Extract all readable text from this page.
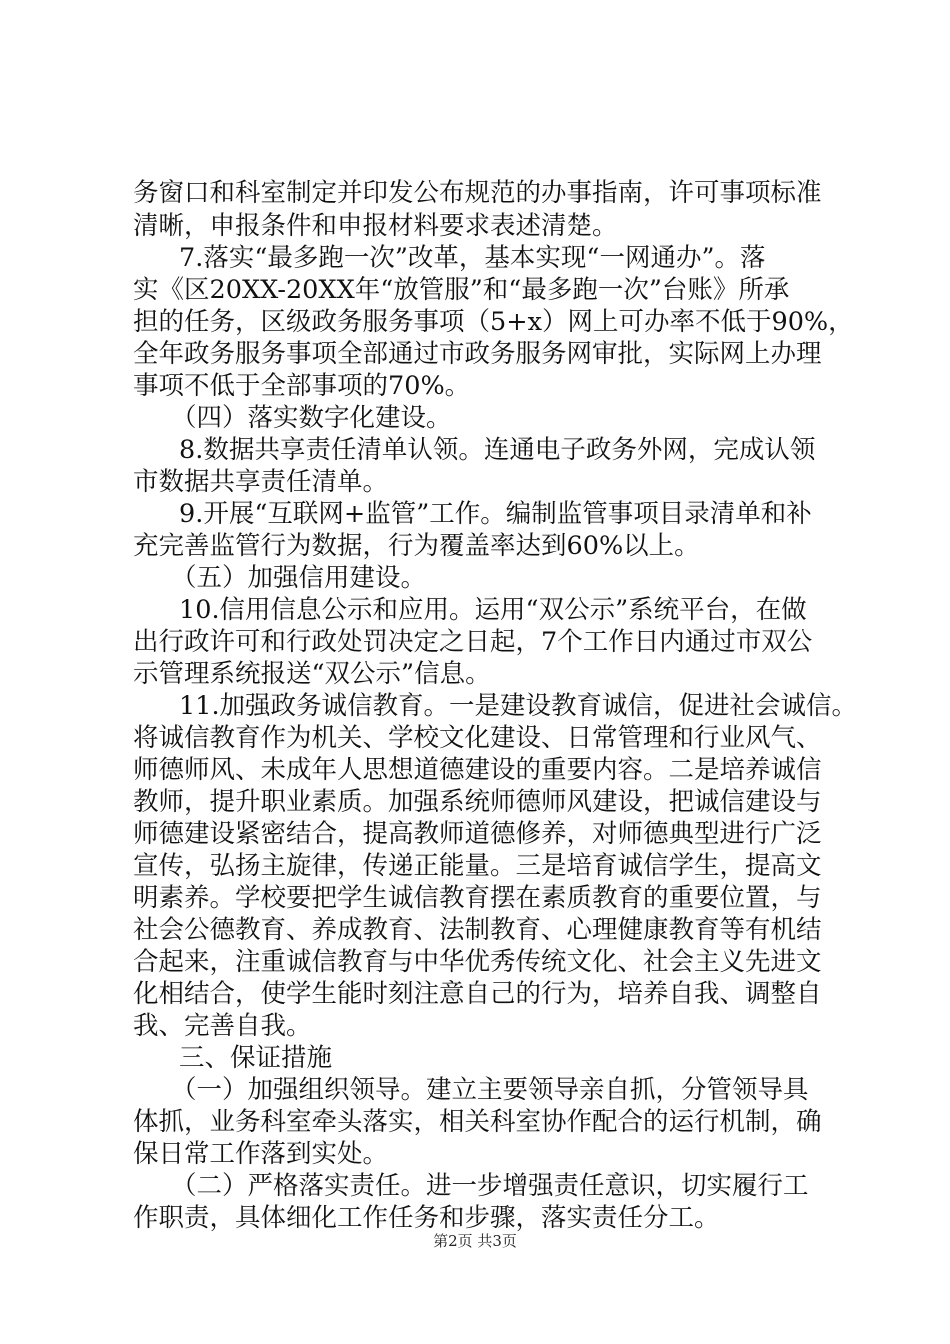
务窗口和科室制定并印发公布规范的办事指南，许可事项标准
清晰，申报条件和申报材料要求表述清楚。
7.落实“最多跑一次”改革，基本实现“一网通办”。落
实《区20XX-20XX年“放管服”和“最多跑一次”台账》所承
担的任务，区级政务服务事项（5+x）网上可办率不低于90%，
全年政务服务事项全部通过市政务服务网审批，实际网上办理
事项不低于全部事项的70%。
（四）落实数字化建设。
8.数据共享责任清单认领。连通电子政务外网，完成认领
市数据共享责任清单。
9.开展“互联网+监管”工作。编制监管事项目录清单和补
充完善监管行为数据，行为覆盖率达到60%以上。
（五）加强信用建设。
10.信用信息公示和应用。运用“双公示”系统平台，在做
出行政许可和行政处罚决定之日起，7个工作日内通过市双公
示管理系统报送“双公示”信息。
11.加强政务诚信教育。一是建设教育诚信，促进社会诚信。
将诚信教育作为机关、学校文化建设、日常管理和行业风气、
师德师风、未成年人思想道德建设的重要内容。二是培养诚信
教师，提升职业素质。加强系统师德师风建设，把诚信建设与
师德建设紧密结合，提高教师道德修养，对师德典型进行广泛
宣传，弘扬主旋律，传递正能量。三是培育诚信学生，提高文
明素养。学校要把学生诚信教育摆在素质教育的重要位置，与
社会公德教育、养成教育、法制教育、心理健康教育等有机结
合起来，注重诚信教育与中华优秀传统文化、社会主义先进文
化相结合，使学生能时刻注意自己的行为，培养自我、调整自
我、完善自我。
三、保证措施
（一）加强组织领导。建立主要领导亲自抓，分管领导具
体抓，业务科室牵头落实，相关科室协作配合的运行机制，确
保日常工作落到实处。
（二）严格落实责任。进一步增强责任意识，切实履行工
作职责，具体细化工作任务和步骤，落实责任分工。
第2页 共3页
